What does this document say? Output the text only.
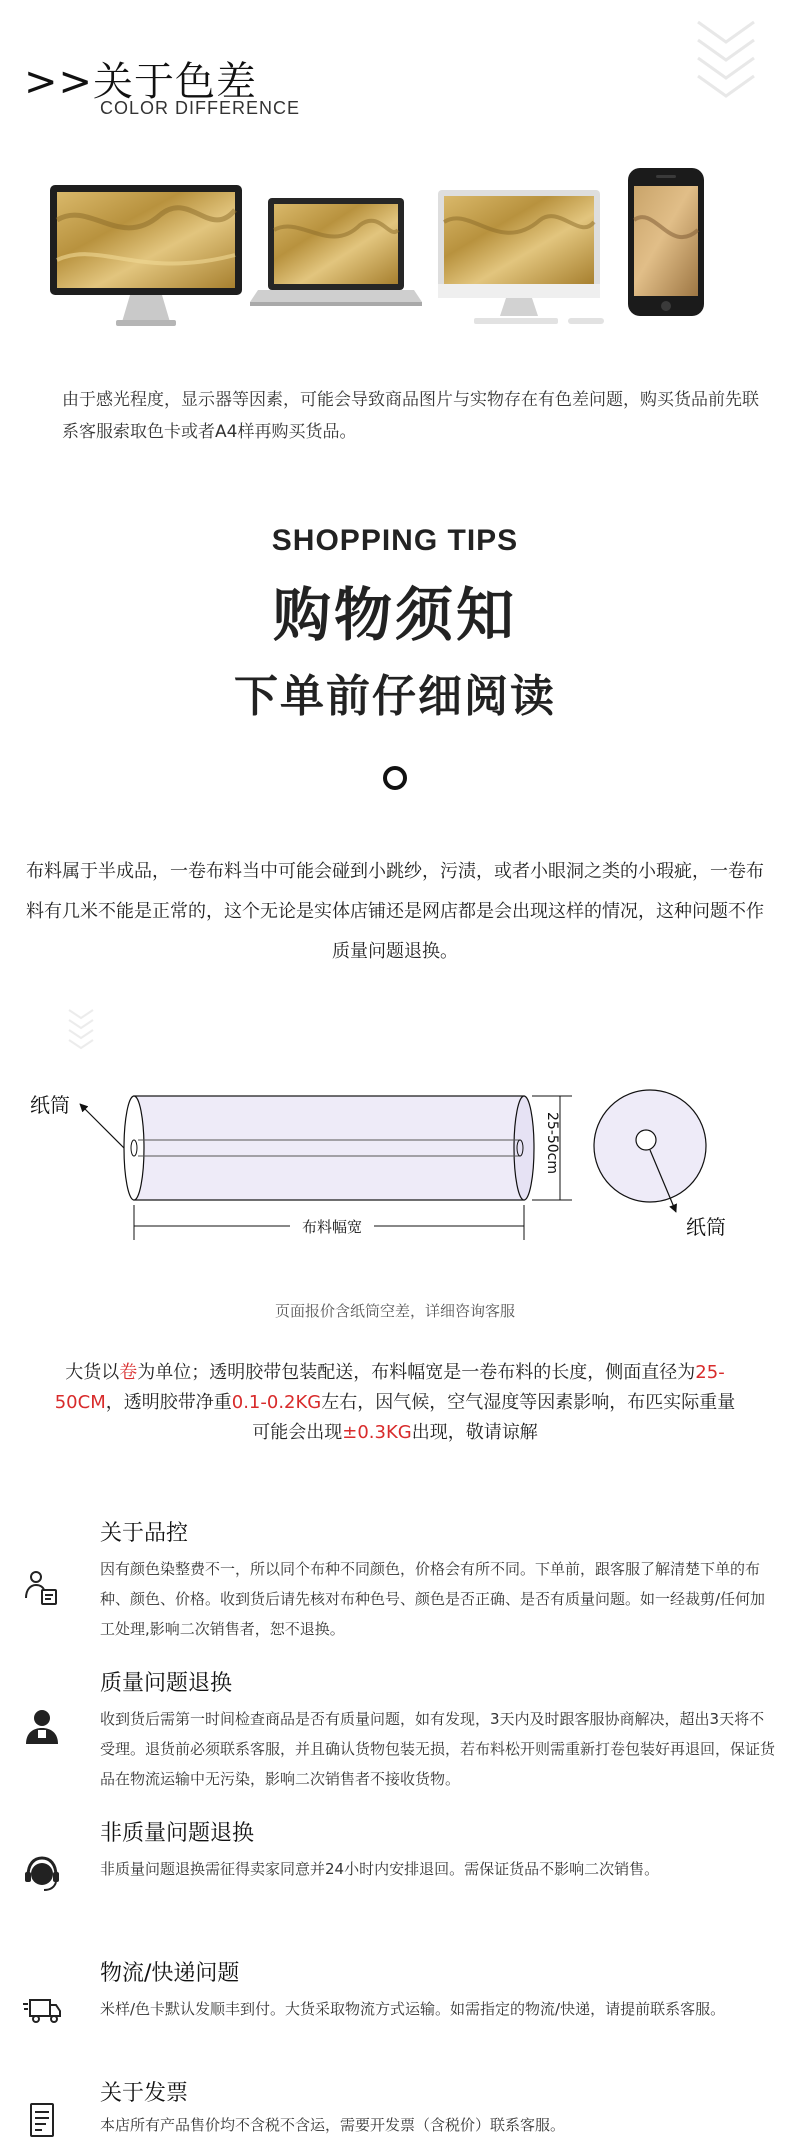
>>关于色差
COLOR DIFFERENCE
由于感光程度，显示器等因素，可能会导致商品图片与实物存在有色差问题，购买货品前先联系客服索取色卡或者A4样再购买货品。
SHOPPING TIPS
购物须知
下单前仔细阅读
布料属于半成品，一卷布料当中可能会碰到小跳纱，污渍，或者小眼洞之类的小瑕疵，一卷布料有几米不能是正常的，这个无论是实体店铺还是网店都是会出现这样的情况，这种问题不作质量问题退换。
纸筒
纸筒
布料幅宽
25-50cm
页面报价含纸筒空差，详细咨询客服
大货以卷为单位；透明胶带包装配送，布料幅宽是一卷布料的长度，侧面直径为25-50CM，透明胶带净重0.1-0.2KG左右，因气候，空气湿度等因素影响，布匹实际重量可能会出现±0.3KG出现，敬请谅解
关于品控
因有颜色染整费不一，所以同个布种不同颜色，价格会有所不同。下单前，跟客服了解清楚下单的布种、颜色、价格。收到货后请先核对布种色号、颜色是否正确、是否有质量问题。如一经裁剪/任何加工处理,影响二次销售者，恕不退换。
质量问题退换
收到货后需第一时间检查商品是否有质量问题，如有发现，3天内及时跟客服协商解决，超出3天将不受理。退货前必须联系客服，并且确认货物包装无损，若布料松开则需重新打卷包装好再退回，保证货品在物流运输中无污染，影响二次销售者不接收货物。
非质量问题退换
非质量问题退换需征得卖家同意并24小时内安排退回。需保证货品不影响二次销售。
物流/快递问题
米样/色卡默认发顺丰到付。大货采取物流方式运输。如需指定的物流/快递，请提前联系客服。
关于发票
本店所有产品售价均不含税不含运，需要开发票（含税价）联系客服。
